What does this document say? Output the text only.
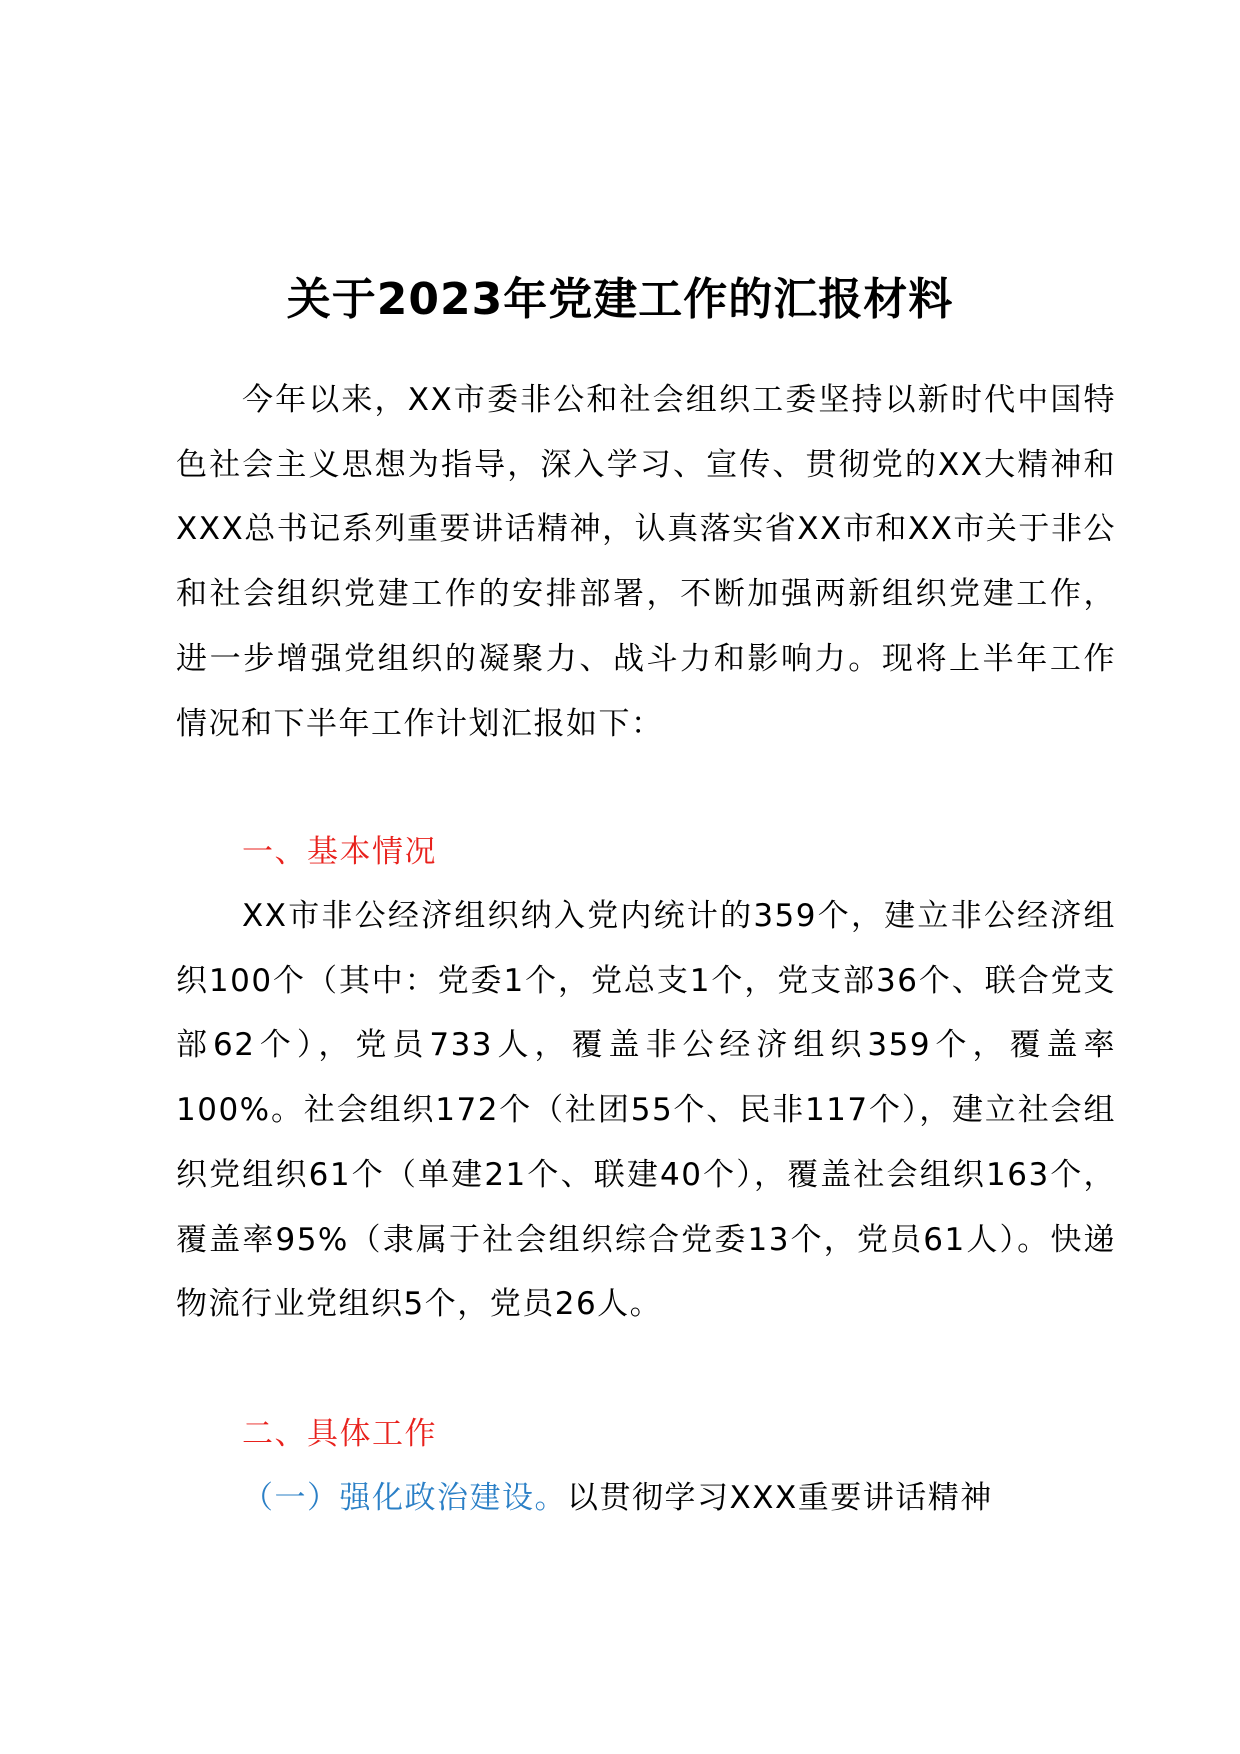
关于2023年党建工作的汇报材料

今年以来，XX市委非公和社会组织工委坚持以新时代中国特色社会主义思想为指导，深入学习、宣传、贯彻党的XX大精神和XXX总书记系列重要讲话精神，认真落实省XX市和XX市关于非公和社会组织党建工作的安排部署，不断加强两新组织党建工作，进一步增强党组织的凝聚力、战斗力和影响力。现将上半年工作情况和下半年工作计划汇报如下：

一、基本情况

XX市非公经济组织纳入党内统计的359个，建立非公经济组织100个（其中：党委1个，党总支1个，党支部36个、联合党支部62个），党员733人，覆盖非公经济组织359个，覆盖率100%。社会组织172个（社团55个、民非117个），建立社会组织党组织61个（单建21个、联建40个），覆盖社会组织163个，覆盖率95%（隶属于社会组织综合党委13个，党员61人）。快递物流行业党组织5个，党员26人。

二、具体工作

（一）强化政治建设。以贯彻学习XXX重要讲话精神
